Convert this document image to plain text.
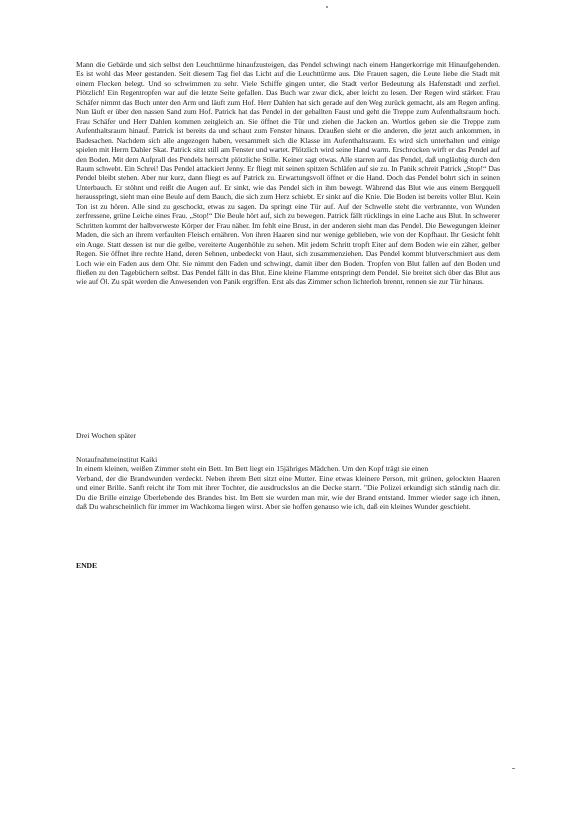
Mann die Gebärde und sich selbst den Leuchttürme hinaufzusteigen, das Pendel schwingt nach einem Hangerkorrige mit Hinaufgehenden. Es ist wohl das Meer gestanden. Seit diesem Tag fiel das Licht auf die Leuchttürme aus. Die Frauen sagen, die Leute liebe die Stadt mit einem Flecken belegt. Und so schwimmen zu sehr. Viele Schiffe gingen unter, die Stadt verlor Bedeutung als Hafenstadt und zerfiel. Plötzlich! Ein Regentropfen war auf die letzte Seite gefallen. Das Buch war zwar dick, aber leicht zu lesen. Der Regen wird stärker. Frau Schäfer nimmt das Buch unter den Arm und läuft zum Hof. Herr Dahlen hat sich gerade auf den Weg zurück gemacht, als am Regen anfing. Nun läuft er über den nassen Sand zum Hof. Patrick hat das Pendel in der geballten Faust und geht die Treppe zum Aufenthaltsraum hoch. Frau Schäfer und Herr Dahlen kommen zeitgleich an. Sie öffnet die Tür und ziehen die Jacken an. Wortlos gehen sie die Treppe zum Aufenthaltsraum hinauf. Patrick ist bereits da und schaut zum Fenster hinaus. Draußen sieht er die anderen, die jetzt auch ankommen, in Badesachen. Nachdem sich alle angezogen haben, versammelt sich die Klasse im Aufenthaltsraum. Es wird sich unterhalten und einige spielen mit Herrn Dahler Skat. Patrick sitzt still am Fenster und wartet. Plötzlich wird seine Hand warm. Erschrocken wirft er das Pendel auf den Boden. Mit dem Aufprall des Pendels herrscht plötzliche Stille. Keiner sagt etwas. Alle starren auf das Pendel, daß ungläubig durch den Raum schwebt. Ein Schrei! Das Pendel attackiert Jenny. Er fliegt mit seinen spitzen Schläfen auf sie zu. In Panik schreit Patrick „Stop!“ Das Pendel bleibt stehen. Aber nur kurz, dann fliegt es auf Patrick zu. Erwartungsvoll öffnet er die Hand. Doch das Pendel bohrt sich in seinen Unterbauch. Er stöhnt und reißt die Augen auf. Er sinkt, wie das Pendel sich in ihm bewegt. Während das Blut wie aus einem Bergquell herausspringt, sieht man eine Beule auf dem Bauch, die sich zum Herz schiebt. Er sinkt auf die Knie. Die Boden ist bereits voller Blut. Kein Ton ist zu hören. Alle sind zu geschockt, etwas zu sagen. Da springt eine Tür auf. Auf der Schwelle steht die verbrannte, von Wunden zerfressene, grüne Leiche eines Frau. „Stop!“ Die Beule hört auf, sich zu bewegen. Patrick fällt rücklings in eine Lache aus Blut. In schwerer Schritten kommt der halbverweste Körper der Frau näher. Im fehlt eine Brust, in der anderen sieht man das Pendel. Die Bewegungen kleiner Maden, die sich an ihrem verfaulten Fleisch ernähren. Von ihren Haaren sind nur wenige geblieben, wie von der Kopfhaut. Ihr Gesicht fehlt ein Auge. Statt dessen ist nur die gelbe, vereiterte Augenhöhle zu sehen. Mit jedem Schritt tropft Eiter auf dem Boden wie ein zäher, gelber Regen. Sie öffnet ihre rechte Hand, deren Sehnen, unbedeckt von Haut, sich zusammenziehen. Das Pendel kommt blutverschmiert aus dem Loch wie ein Faden aus dem Ohr. Sie nimmt den Faden und schwingt, damit über den Boden. Tropfen von Blut fallen auf den Boden und fließen zu den Tagebüchern selbst. Das Pendel fällt in das Blut. Eine kleine Flamme entspringt dem Pendel. Sie breitet sich über das Blut aus wie auf Öl. Zu spät werden die Anwesenden von Panik ergriffen. Erst als das Zimmer schon lichterloh brennt, rennen sie zur Tür hinaus.

Drei Wochen später

Notaufnahmeinstitut Kaiki

In einem kleinen, weißen Zimmer steht ein Bett. Im Bett liegt ein 15jähriges Mädchen. Um den Kopf trägt sie einen

Verband, der die Brandwunden verdeckt. Neben ihrem Bett sitzt eine Mutter. Eine etwas kleinere Person, mit grünen, gelockten Haaren und einer Brille. Sanft reicht ihr Tom mit ihrer Tochter, die ausdruckslos an die Decke starrt. "Die Polizei erkundigt sich ständig nach dir. Du die Brille einzige Überlebende des Brandes bist. Im Bett sie wurden man mir, wie der Brand entstand. Immer wieder sage ich ihnen, daß Du wahrscheinlich für immer im Wachkoma liegen wirst. Aber sie hoffen genauso wie ich, daß ein kleines Wunder geschieht.

ENDE
